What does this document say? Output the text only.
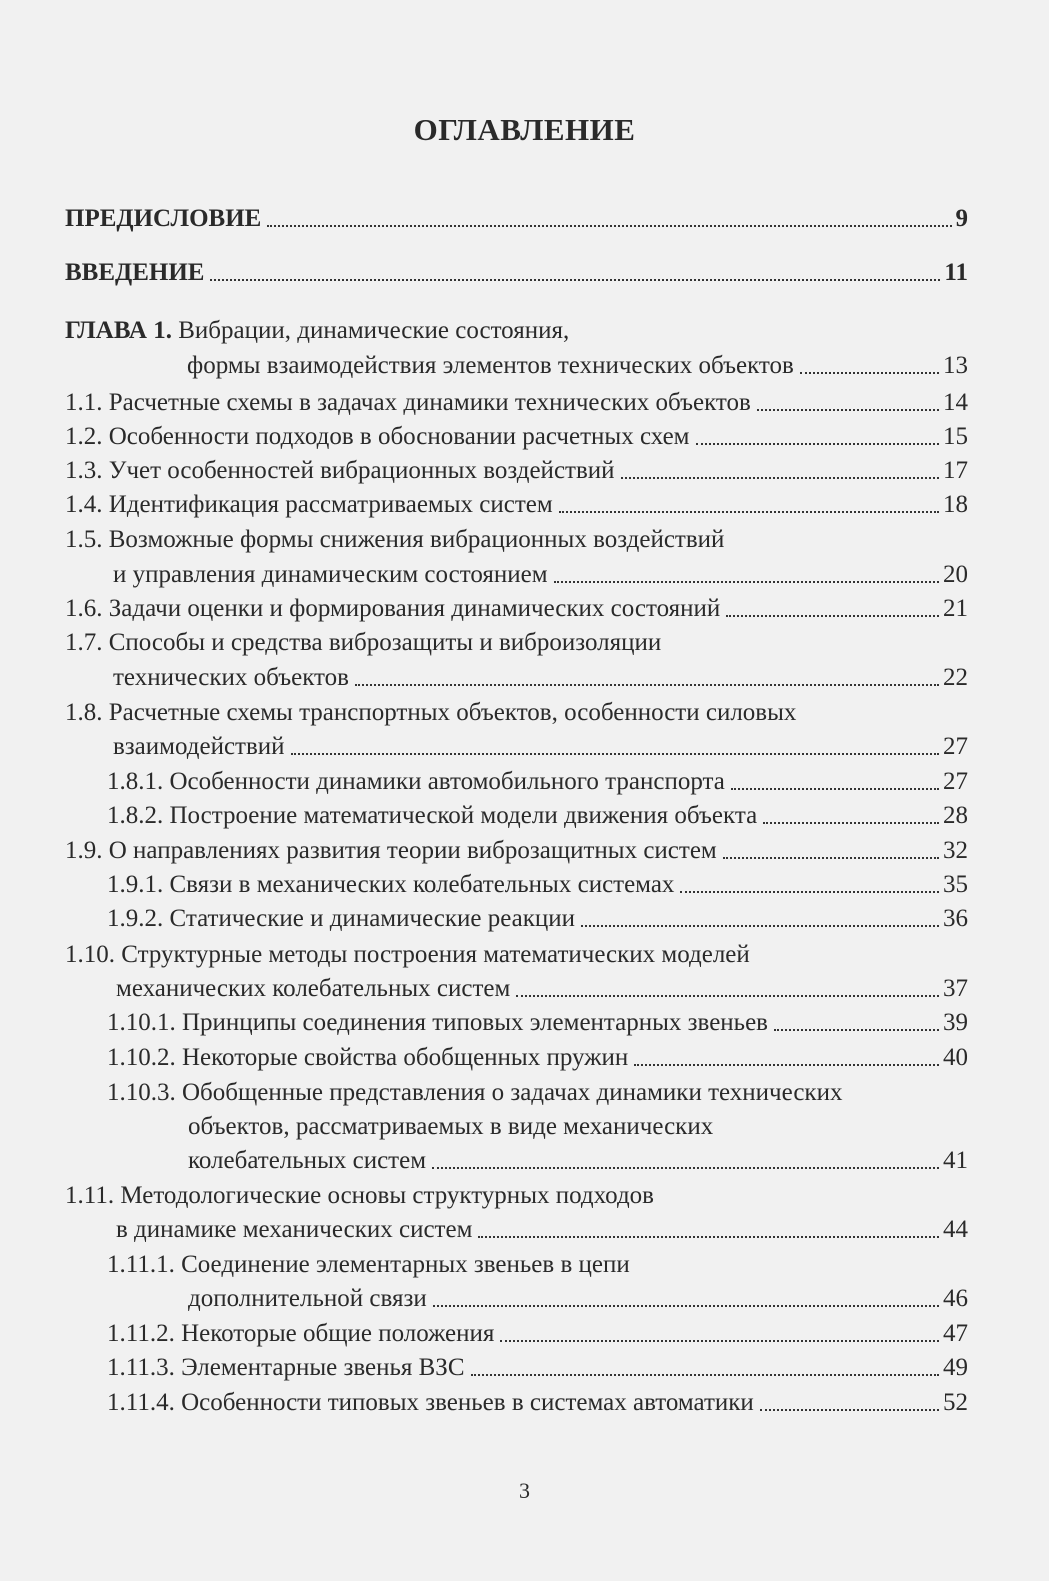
ОГЛАВЛЕНИЕ
ПРЕДИСЛОВИЕ	9
ВВЕДЕНИЕ	11
ГЛАВА 1. Вибрации, динамические состояния,
формы взаимодействия элементов технических объектов	13
1.1. Расчетные схемы в задачах динамики технических объектов	14
1.2. Особенности подходов в обосновании расчетных схем	15
1.3. Учет особенностей вибрационных воздействий	17
1.4. Идентификация рассматриваемых систем	18
1.5. Возможные формы снижения вибрационных воздействий
и управления динамическим состоянием	20
1.6. Задачи оценки и формирования динамических состояний	21
1.7. Способы и средства виброзащиты и виброизоляции
технических объектов	22
1.8. Расчетные схемы транспортных объектов, особенности силовых
взаимодействий	27
1.8.1. Особенности динамики автомобильного транспорта	27
1.8.2. Построение математической модели движения объекта	28
1.9. О направлениях развития теории виброзащитных систем	32
1.9.1. Связи в механических колебательных системах	35
1.9.2. Статические и динамические реакции	36
1.10. Структурные методы построения математических моделей
механических колебательных систем	37
1.10.1. Принципы соединения типовых элементарных звеньев	39
1.10.2. Некоторые свойства обобщенных пружин	40
1.10.3. Обобщенные представления о задачах динамики технических
объектов, рассматриваемых в виде механических
колебательных систем	41
1.11. Методологические основы структурных подходов
в динамике механических систем	44
1.11.1. Соединение элементарных звеньев в цепи
дополнительной связи	46
1.11.2. Некоторые общие положения	47
1.11.3. Элементарные звенья ВЗС	49
1.11.4. Особенности типовых звеньев в системах автоматики	52
3
